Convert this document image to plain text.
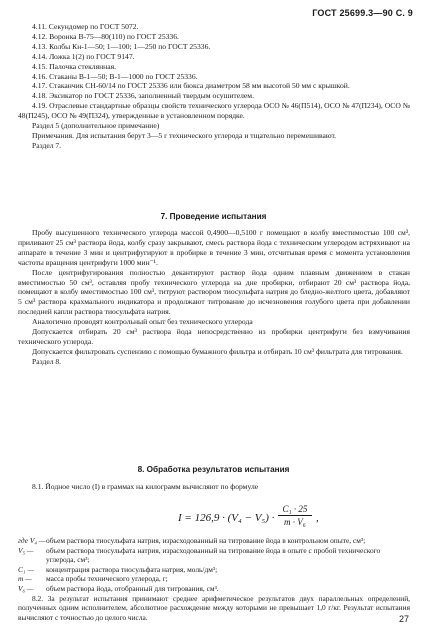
ГОСТ 25699.3—90 С. 9
4.11. Секундомер по ГОСТ 5072.
4.12. Воронка В-75—80(110) по ГОСТ 25336.
4.13. Колбы Кн-1—50; 1—100; 1—250 по ГОСТ 25336.
4.14. Ложка 1(2) по ГОСТ 9147.
4.15. Палочка стеклянная.
4.16. Стаканы В-1—50; В-1—1000 по ГОСТ 25336.
4.17. Стаканчик СН-60/14 по ГОСТ 25336 или бюкса диаметром 58 мм высотой 50 мм с крышкой.
4.18. Эксикатор по ГОСТ 25336, заполненный твердым осушителем.
4.19. Отраслевые стандартные образцы свойств технического углерода ОСО № 46(П514), ОСО № 47(П234), ОСО № 48(П245), ОСО № 49(П324), утвержденные в установленном порядке.
Раздел 5 (дополнительное примечание)
Примечания. Для испытания берут 3—5 г технического углерода и тщательно перемешивают.
Раздел 7.
7. Проведение испытания
Пробу высушенного технического углерода массой 0,4900—0,5100 г помещают в колбу вместимостью 100 см³, приливают 25 см³ раствора йода, колбу сразу закрывают, смесь раствора йода с техническим углеродом встряхивают на аппарате в течение 3 мин и центрифугируют в пробирке в течение 3 мин, отсчитывая время с момента установления частоты вращения центрифуги 1000 мин⁻¹.
После центрифугирования полностью декантируют раствор йода одним плавным движением в стакан вместимостью 50 см³, оставляя пробу технического углерода на дне пробирки, отбирают 20 см³ раствора йода, помещают в колбу вместимостью 100 см³, титруют раствором тиосульфата натрия до бледно-желтого цвета, добавляют 5 см³ раствора крахмального индикатора и продолжают титрование до исчезновения голубого цвета при добавлении последней капли раствора тиосульфата натрия.
Аналогично проводят контрольный опыт без технического углерода
Допускается отбирать 20 см³ раствора йода непосредственно из пробирки центрифуги без взмучивания технического углерода.
Допускается фильтровать суспензию с помощью бумажного фильтра и отбирать 10 см³ фильтрата для титрования.
Раздел 8.
8. Обработка результатов испытания
8.1. Йодное число (I) в граммах на килограмм вычисляют по формуле
$I = 126,9 \cdot (V_4 - V_5) \cdot \frac{\text{C₁ · 25}}{\text{m · V₆}}$ ,
где V₄ — объем раствора тиосульфата натрия, израсходованный на титрование йода в контрольном опыте, см³;
V₅ —	объем раствора тиосульфата натрия, израсходованный на титрование йода в опыте с пробой технического углерода, см³;
C₁ —	концентрация раствора тиосульфата натрия, моль/дм³;
m —	масса пробы технического углерода, г;
V₆ —	объем раствора йода, отобранный для титрования, см³.
8.2. За результат испытания принимают среднее арифметическое результатов двух параллельных определений, полученных одним исполнителем, абсолютное расхождение между которыми не превышает 1,0 г/кг. Результат испытания вычисляют с точностью до целого числа.	27
